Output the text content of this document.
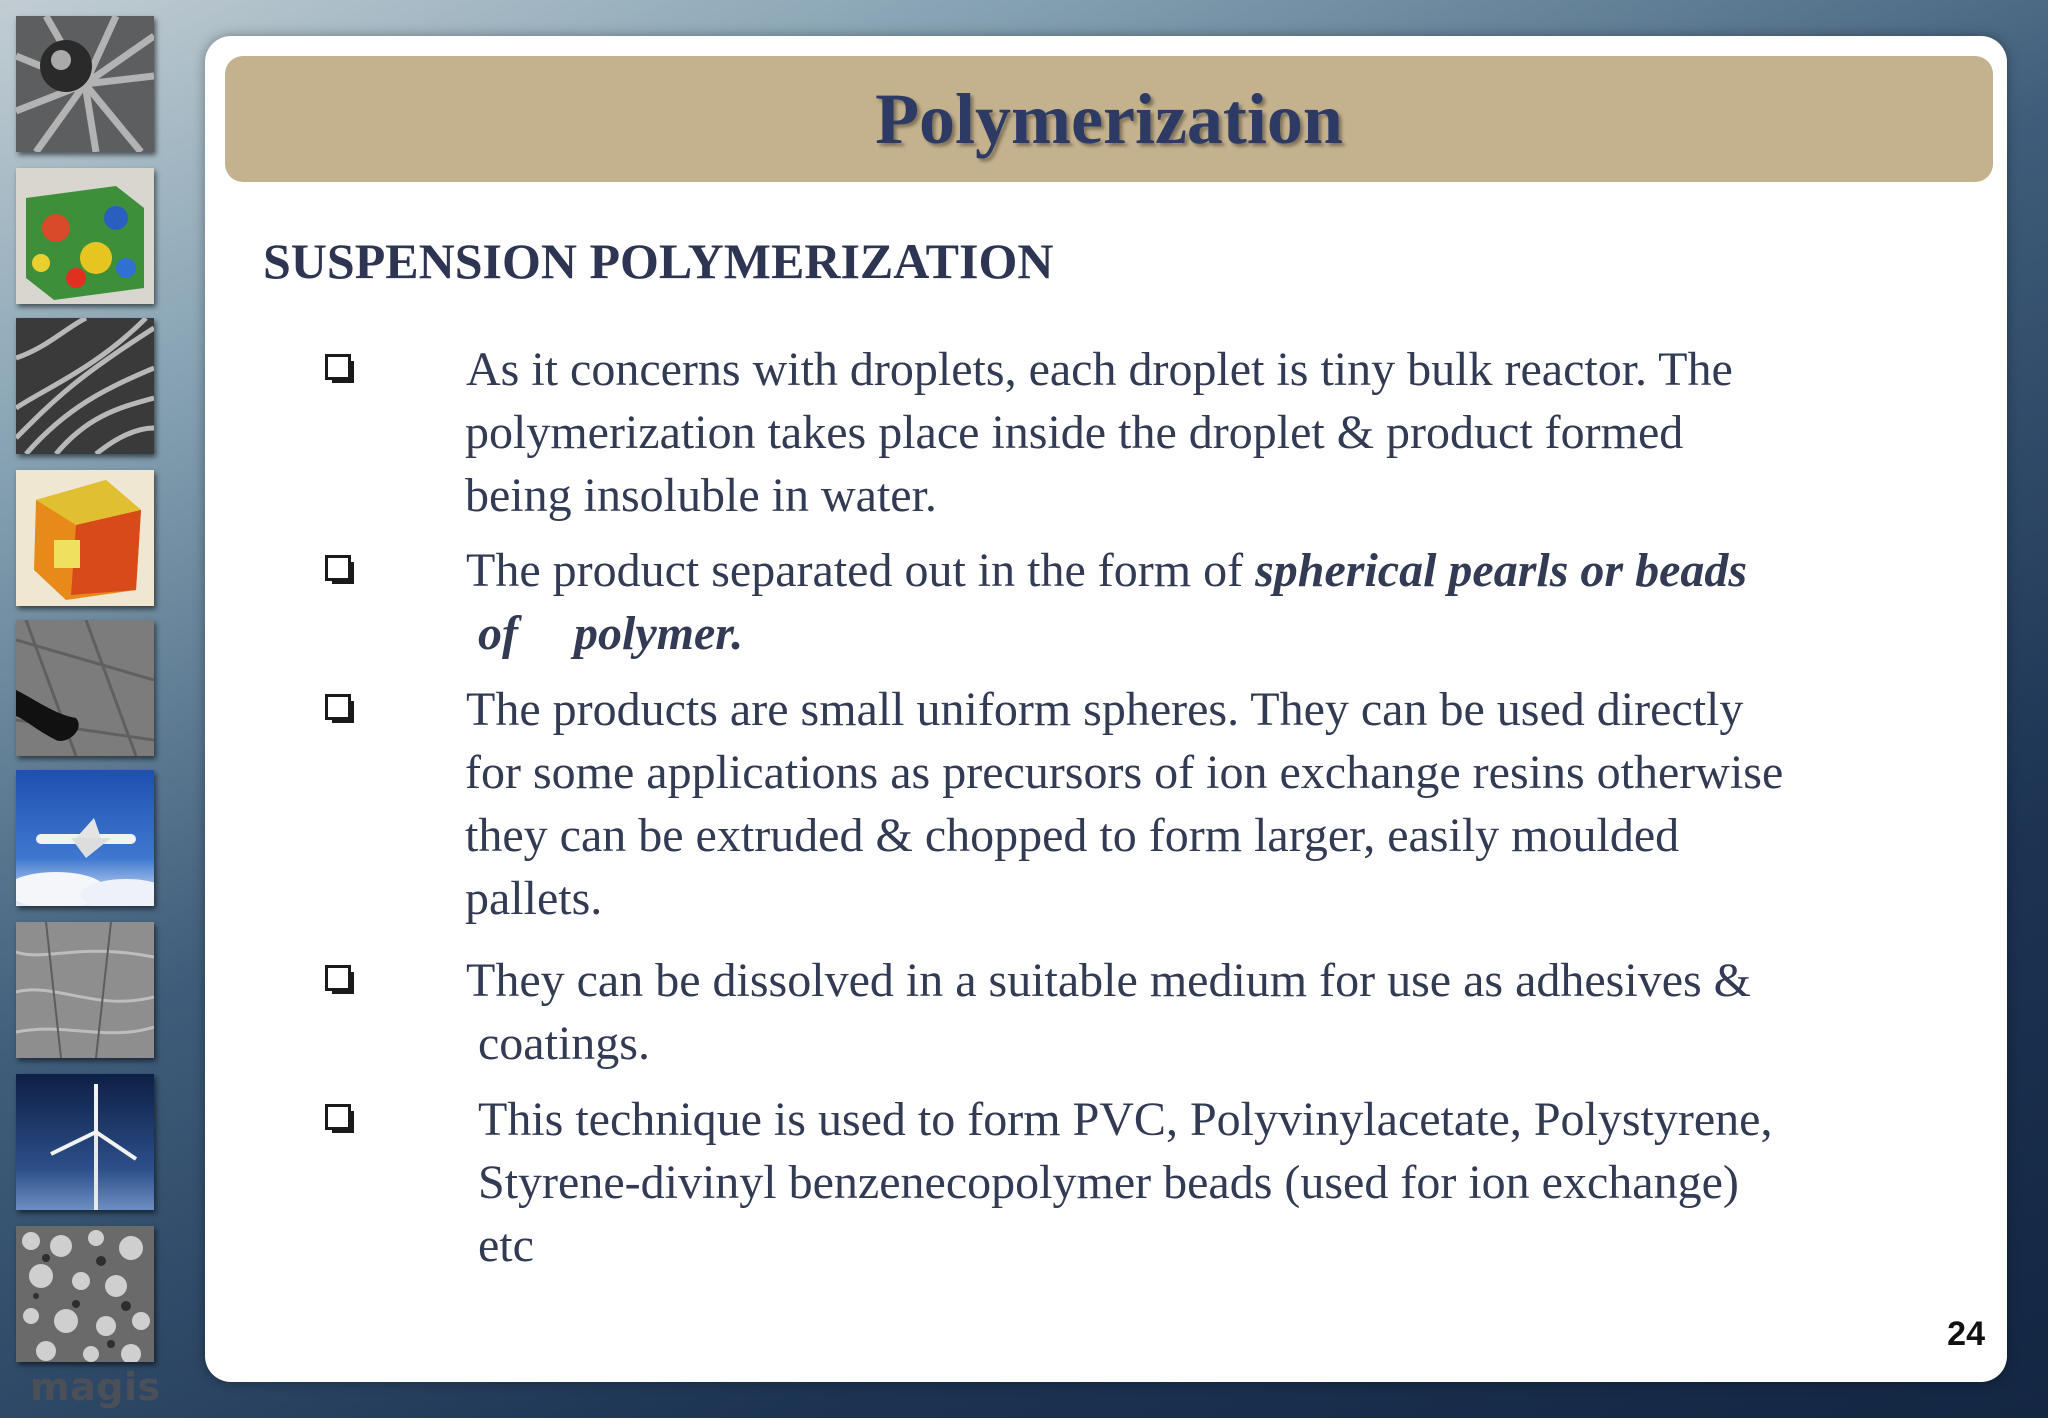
magis
Polymerization
SUSPENSION POLYMERIZATION
As it concerns with droplets, each droplet is tiny bulk reactor. The
polymerization takes place inside the droplet & product formed
being insoluble in water.
The product separated out in the form of spherical pearls or beads
of polymer.
The products are small uniform spheres. They can be used directly
for some applications as precursors of ion exchange resins otherwise
they can be extruded & chopped to form larger, easily moulded
pallets.
They can be dissolved in a suitable medium for use as adhesives &
coatings.
This technique is used to form PVC, Polyvinylacetate, Polystyrene,
Styrene-divinyl benzenecopolymer beads (used for ion exchange)
etc
24
